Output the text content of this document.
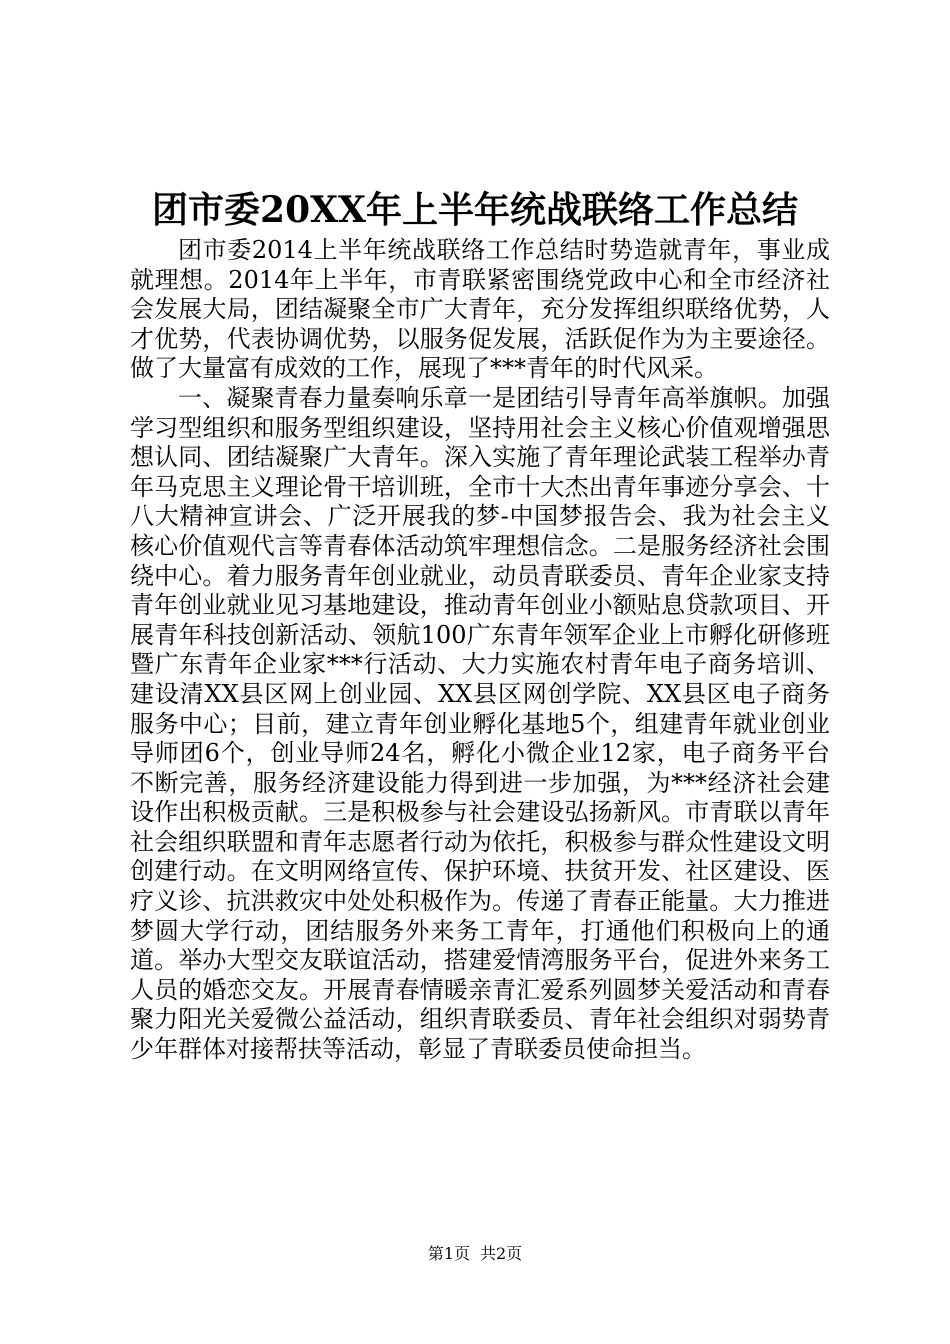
团市委20XX年上半年统战联络工作总结

团市委2014上半年统战联络工作总结时势造就青年，事业成就理想。2014年上半年，市青联紧密围绕党政中心和全市经济社会发展大局，团结凝聚全市广大青年，充分发挥组织联络优势，人才优势，代表协调优势，以服务促发展，活跃促作为为主要途径。做了大量富有成效的工作，展现了***青年的时代风采。

一、凝聚青春力量奏响乐章一是团结引导青年高举旗帜。加强学习型组织和服务型组织建设，坚持用社会主义核心价值观增强思想认同、团结凝聚广大青年。深入实施了青年理论武装工程举办青年马克思主义理论骨干培训班，全市十大杰出青年事迹分享会、十八大精神宣讲会、广泛开展我的梦-中国梦报告会、我为社会主义核心价值观代言等青春体活动筑牢理想信念。二是服务经济社会围绕中心。着力服务青年创业就业，动员青联委员、青年企业家支持青年创业就业见习基地建设，推动青年创业小额贴息贷款项目、开展青年科技创新活动、领航100广东青年领军企业上市孵化研修班暨广东青年企业家***行活动、大力实施农村青年电子商务培训、建设清XX县区网上创业园、XX县区网创学院、XX县区电子商务服务中心；目前，建立青年创业孵化基地5个，组建青年就业创业导师团6个，创业导师24名，孵化小微企业12家，电子商务平台不断完善，服务经济建设能力得到进一步加强，为***经济社会建设作出积极贡献。三是积极参与社会建设弘扬新风。市青联以青年社会组织联盟和青年志愿者行动为依托，积极参与群众性建设文明创建行动。在文明网络宣传、保护环境、扶贫开发、社区建设、医疗义诊、抗洪救灾中处处积极作为。传递了青春正能量。大力推进梦圆大学行动，团结服务外来务工青年，打通他们积极向上的通道。举办大型交友联谊活动，搭建爱情湾服务平台，促进外来务工人员的婚恋交友。开展青春情暖亲青汇爱系列圆梦关爱活动和青春聚力阳光关爱微公益活动，组织青联委员、青年社会组织对弱势青少年群体对接帮扶等活动，彰显了青联委员使命担当。

第1页 共2页
